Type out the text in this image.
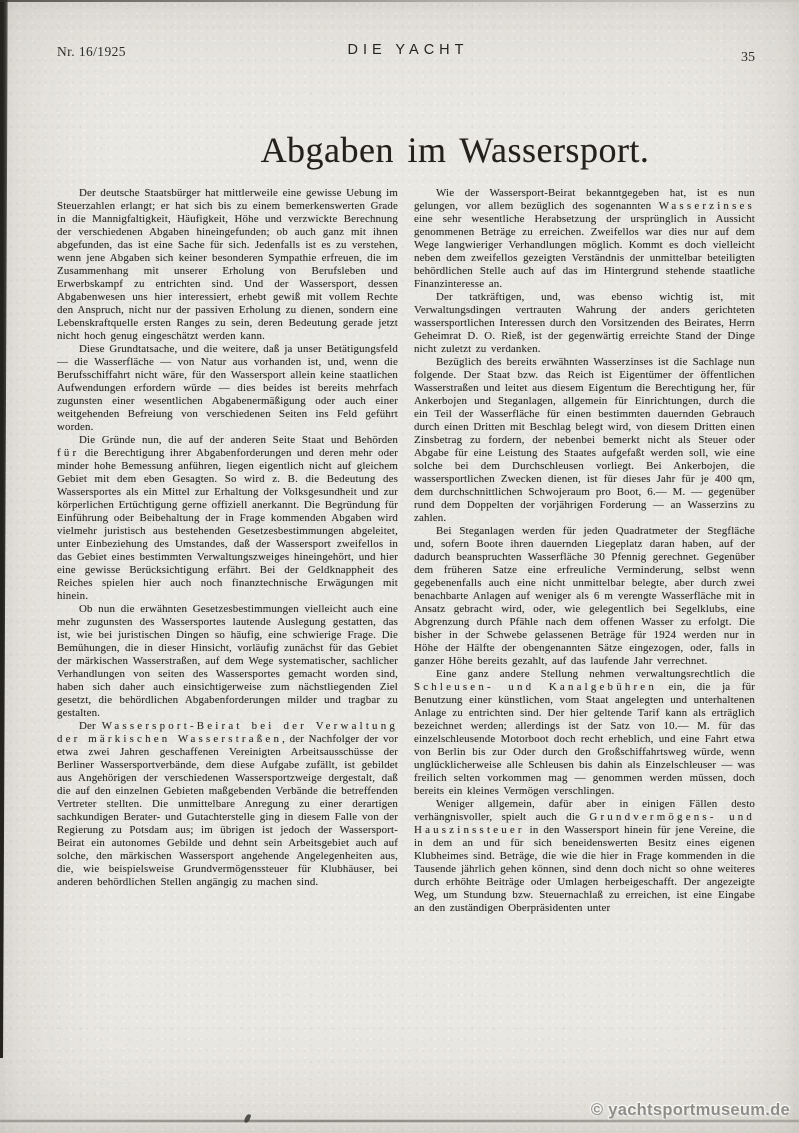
Nr. 16/1925	DIE YACHT	35
Abgaben im Wassersport.

Der deutsche Staatsbürger hat mittlerweile eine gewisse Uebung im Steuerzahlen erlangt; er hat sich bis zu einem bemerkenswerten Grade in die Mannigfaltigkeit, Häufigkeit, Höhe und verzwickte Berechnung der verschiedenen Abgaben hineingefunden; ob auch ganz mit ihnen abgefunden, das ist eine Sache für sich. Jedenfalls ist es zu verstehen, wenn jene Abgaben sich keiner besonderen Sympathie erfreuen, die im Zusammenhang mit unserer Erholung von Berufsleben und Erwerbskampf zu entrichten sind. Und der Wassersport, dessen Abgabenwesen uns hier interessiert, erhebt gewiß mit vollem Rechte den Anspruch, nicht nur der passiven Erholung zu dienen, sondern eine Lebenskraftquelle ersten Ranges zu sein, deren Bedeutung gerade jetzt nicht hoch genug eingeschätzt werden kann.

Diese Grundtatsache, und die weitere, daß ja unser Betätigungsfeld — die Wasserfläche — von Natur aus vorhanden ist, und, wenn die Berufsschiffahrt nicht wäre, für den Wassersport allein keine staatlichen Aufwendungen erfordern würde — dies beides ist bereits mehrfach zugunsten einer wesentlichen Abgabenermäßigung oder auch einer weitgehenden Befreiung von verschiedenen Seiten ins Feld geführt worden.

Die Gründe nun, die auf der anderen Seite Staat und Behörden für die Berechtigung ihrer Abgabenforderungen und deren mehr oder minder hohe Bemessung anführen, liegen eigentlich nicht auf gleichem Gebiet mit dem eben Gesagten. So wird z. B. die Bedeutung des Wassersportes als ein Mittel zur Erhaltung der Volksgesundheit und zur körperlichen Ertüchtigung gerne offiziell anerkannt. Die Begründung für Einführung oder Beibehaltung der in Frage kommenden Abgaben wird vielmehr juristisch aus bestehenden Gesetzesbestimmungen abgeleitet, unter Einbeziehung des Umstandes, daß der Wassersport zweifellos in das Gebiet eines bestimmten Verwaltungszweiges hineingehört, und hier eine gewisse Berücksichtigung erfährt. Bei der Geldknappheit des Reiches spielen hier auch noch finanztechnische Erwägungen mit hinein.

Ob nun die erwähnten Gesetzesbestimmungen vielleicht auch eine mehr zugunsten des Wassersportes lautende Auslegung gestatten, das ist, wie bei juristischen Dingen so häufig, eine schwierige Frage. Die Bemühungen, die in dieser Hinsicht, vorläufig zunächst für das Gebiet der märkischen Wasserstraßen, auf dem Wege systematischer, sachlicher Verhandlungen von seiten des Wassersportes gemacht worden sind, haben sich daher auch einsichtigerweise zum nächstliegenden Ziel gesetzt, die behördlichen Abgabenforderungen milder und tragbar zu gestalten.

Der Wassersport-Beirat bei der Verwaltung der märkischen Wasserstraßen, der Nachfolger der vor etwa zwei Jahren geschaffenen Vereinigten Arbeitsausschüsse der Berliner Wassersportverbände, dem diese Aufgabe zufällt, ist gebildet aus Angehörigen der verschiedenen Wassersportzweige dergestalt, daß die auf den einzelnen Gebieten maßgebenden Verbände die betreffenden Vertreter stellten. Die unmittelbare Anregung zu einer derartigen sachkundigen Berater- und Gutachterstelle ging in diesem Falle von der Regierung zu Potsdam aus; im übrigen ist jedoch der Wassersport-Beirat ein autonomes Gebilde und dehnt sein Arbeitsgebiet auch auf solche, den märkischen Wassersport angehende Angelegenheiten aus, die, wie beispielsweise Grundvermögenssteuer für Klubhäuser, bei anderen behördlichen Stellen angängig zu machen sind.

Wie der Wassersport-Beirat bekanntgegeben hat, ist es nun gelungen, vor allem bezüglich des sogenannten Wasserzinses eine sehr wesentliche Herabsetzung der ursprünglich in Aussicht genommenen Beträge zu erreichen. Zweifellos war dies nur auf dem Wege langwieriger Verhandlungen möglich. Kommt es doch vielleicht neben dem zweifellos gezeigten Verständnis der unmittelbar beteiligten behördlichen Stelle auch auf das im Hintergrund stehende staatliche Finanzinteresse an.

Der tatkräftigen, und, was ebenso wichtig ist, mit Verwaltungsdingen vertrauten Wahrung der anders gerichteten wassersportlichen Interessen durch den Vorsitzenden des Beirates, Herrn Geheimrat D. O. Rieß, ist der gegenwärtig erreichte Stand der Dinge nicht zuletzt zu verdanken.

Bezüglich des bereits erwähnten Wasserzinses ist die Sachlage nun folgende. Der Staat bzw. das Reich ist Eigentümer der öffentlichen Wasserstraßen und leitet aus diesem Eigentum die Berechtigung her, für Ankerbojen und Steganlagen, allgemein für Einrichtungen, durch die ein Teil der Wasserfläche für einen bestimmten dauernden Gebrauch durch einen Dritten mit Beschlag belegt wird, von diesem Dritten einen Zinsbetrag zu fordern, der nebenbei bemerkt nicht als Steuer oder Abgabe für eine Leistung des Staates aufgefaßt werden soll, wie eine solche bei dem Durchschleusen vorliegt. Bei Ankerbojen, die wassersportlichen Zwecken dienen, ist für dieses Jahr für je 400 qm, dem durchschnittlichen Schwojeraum pro Boot, 6.— M. — gegenüber rund dem Doppelten der vorjährigen Forderung — an Wasserzins zu zahlen.

Bei Steganlagen werden für jeden Quadratmeter der Stegfläche und, sofern Boote ihren dauernden Liegeplatz daran haben, auf der dadurch beanspruchten Wasserfläche 30 Pfennig gerechnet. Gegenüber dem früheren Satze eine erfreuliche Verminderung, selbst wenn gegebenenfalls auch eine nicht unmittelbar belegte, aber durch zwei benachbarte Anlagen auf weniger als 6 m verengte Wasserfläche mit in Ansatz gebracht wird, oder, wie gelegentlich bei Segelklubs, eine Abgrenzung durch Pfähle nach dem offenen Wasser zu erfolgt. Die bisher in der Schwebe gelassenen Beträge für 1924 werden nur in Höhe der Hälfte der obengenannten Sätze eingezogen, oder, falls in ganzer Höhe bereits gezahlt, auf das laufende Jahr verrechnet.

Eine ganz andere Stellung nehmen verwaltungsrechtlich die Schleusen- und Kanalgebühren ein, die ja für Benutzung einer künstlichen, vom Staat angelegten und unterhaltenen Anlage zu entrichten sind. Der hier geltende Tarif kann als erträglich bezeichnet werden; allerdings ist der Satz von 10.— M. für das einzelschleusende Motorboot doch recht erheblich, und eine Fahrt etwa von Berlin bis zur Oder durch den Großschiffahrtsweg würde, wenn unglücklicherweise alle Schleusen bis dahin als Einzelschleuser — was freilich selten vorkommen mag — genommen werden müssen, doch bereits ein kleines Vermögen verschlingen.

Weniger allgemein, dafür aber in einigen Fällen desto verhängnisvoller, spielt auch die Grundvermögens- und Hauszinssteuer in den Wassersport hinein für jene Vereine, die in dem an und für sich beneidenswerten Besitz eines eigenen Klubheimes sind. Beträge, die wie die hier in Frage kommenden in die Tausende jährlich gehen können, sind denn doch nicht so ohne weiteres durch erhöhte Beiträge oder Umlagen herbeigeschafft. Der angezeigte Weg, um Stundung bzw. Steuernachlaß zu erreichen, ist eine Eingabe an den zuständigen Oberpräsidenten unter

© yachtsportmuseum.de
